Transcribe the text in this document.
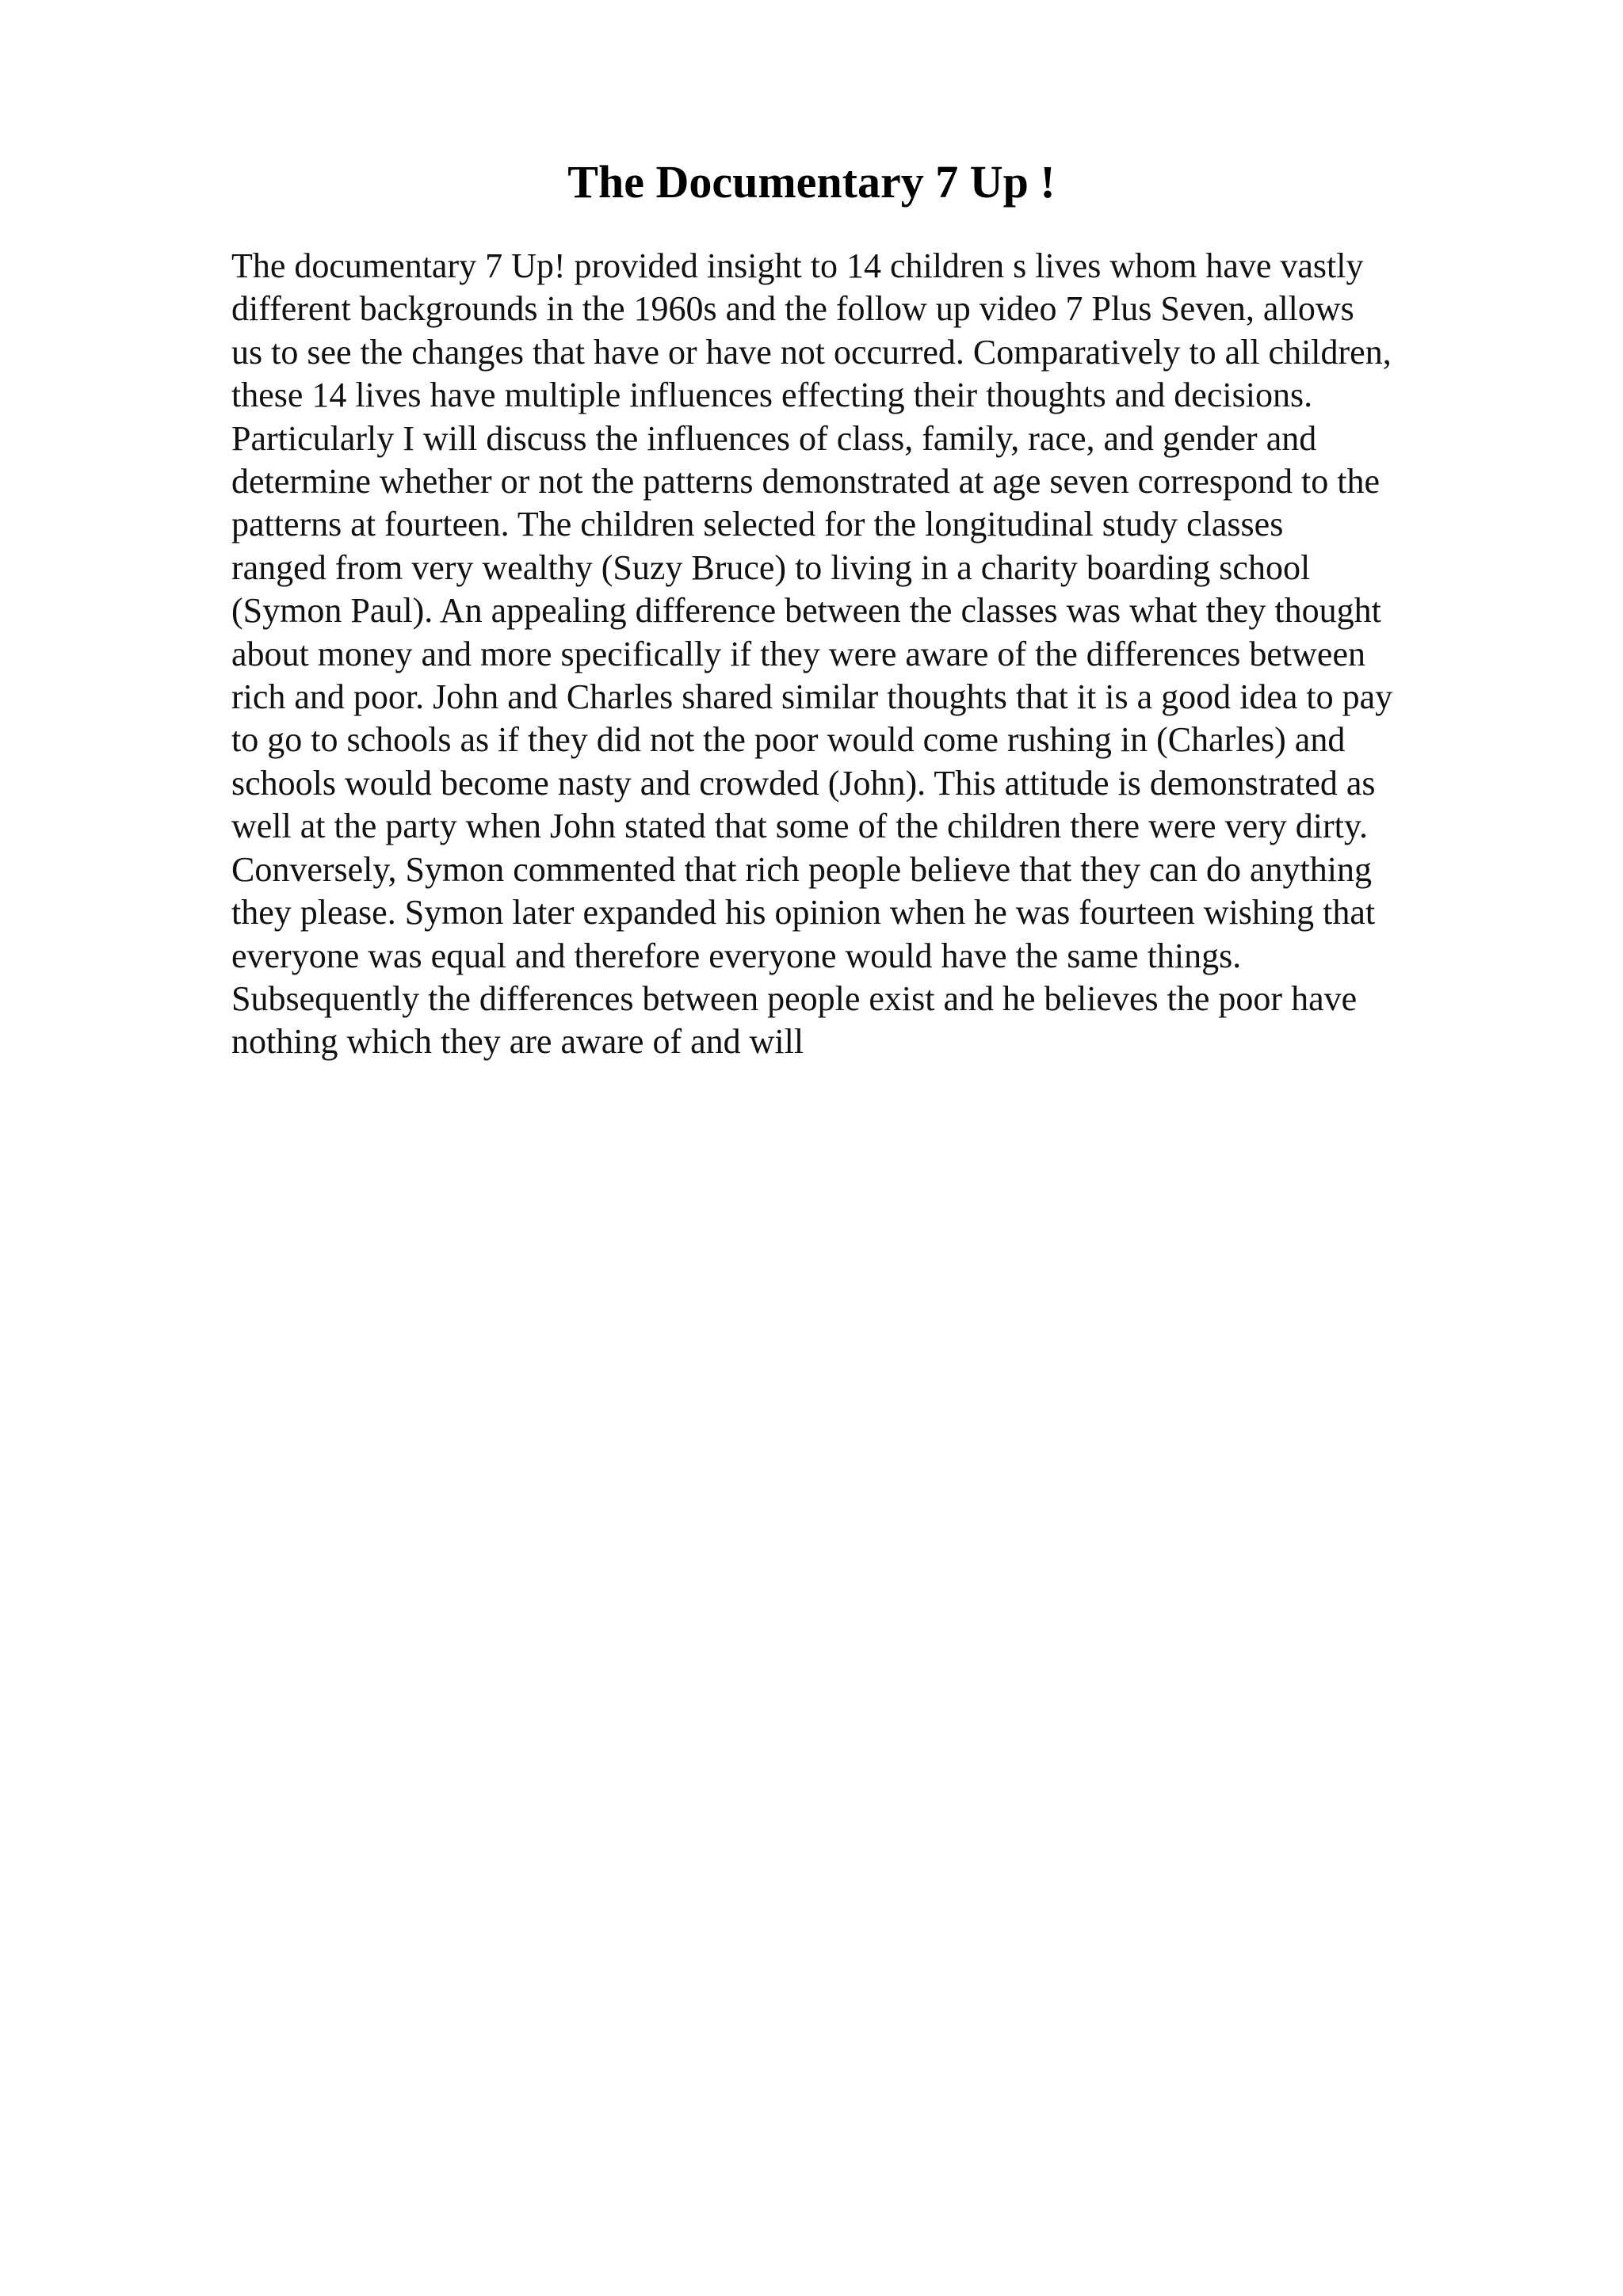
The Documentary 7 Up !
The documentary 7 Up! provided insight to 14 children s lives whom have vastly
different backgrounds in the 1960s and the follow up video 7 Plus Seven, allows
us to see the changes that have or have not occurred. Comparatively to all children,
these 14 lives have multiple influences effecting their thoughts and decisions.
Particularly I will discuss the influences of class, family, race, and gender and
determine whether or not the patterns demonstrated at age seven correspond to the
patterns at fourteen. The children selected for the longitudinal study classes
ranged from very wealthy (Suzy Bruce) to living in a charity boarding school
(Symon Paul). An appealing difference between the classes was what they thought
about money and more specifically if they were aware of the differences between
rich and poor. John and Charles shared similar thoughts that it is a good idea to pay
to go to schools as if they did not the poor would come rushing in (Charles) and
schools would become nasty and crowded (John). This attitude is demonstrated as
well at the party when John stated that some of the children there were very dirty.
Conversely, Symon commented that rich people believe that they can do anything
they please. Symon later expanded his opinion when he was fourteen wishing that
everyone was equal and therefore everyone would have the same things.
Subsequently the differences between people exist and he believes the poor have
nothing which they are aware of and will
